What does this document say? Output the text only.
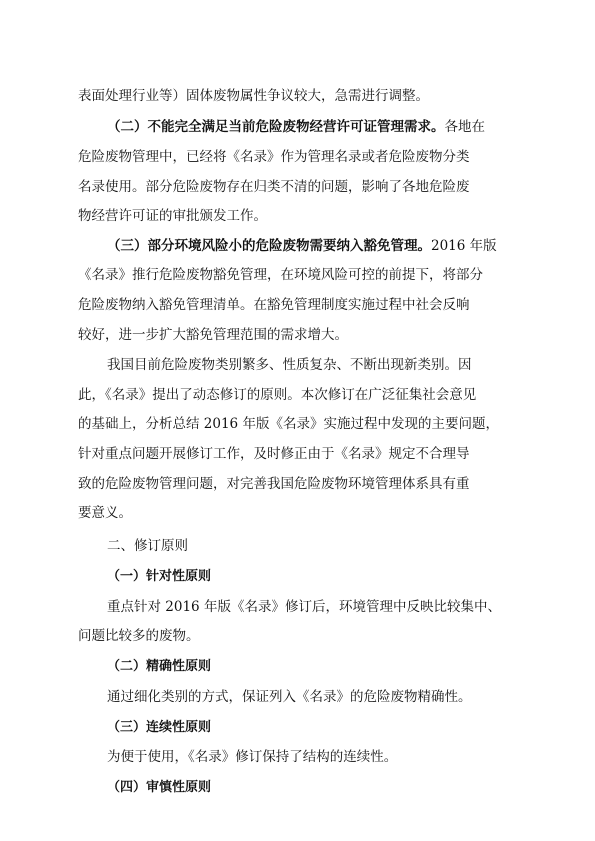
表面处理行业等）固体废物属性争议较大，急需进行调整。
（二）不能完全满足当前危险废物经营许可证管理需求。各地在
危险废物管理中，已经将《名录》作为管理名录或者危险废物分类
名录使用。部分危险废物存在归类不清的问题，影响了各地危险废
物经营许可证的审批颁发工作。
（三）部分环境风险小的危险废物需要纳入豁免管理。2016 年版
《名录》推行危险废物豁免管理，在环境风险可控的前提下，将部分
危险废物纳入豁免管理清单。在豁免管理制度实施过程中社会反响
较好，进一步扩大豁免管理范围的需求增大。
我国目前危险废物类别繁多、性质复杂、不断出现新类别。因
此，《名录》提出了动态修订的原则。本次修订在广泛征集社会意见
的基础上，分析总结 2016 年版《名录》实施过程中发现的主要问题，
针对重点问题开展修订工作，及时修正由于《名录》规定不合理导
致的危险废物管理问题，对完善我国危险废物环境管理体系具有重
要意义。
二、修订原则
（一）针对性原则
重点针对 2016 年版《名录》修订后，环境管理中反映比较集中、
问题比较多的废物。
（二）精确性原则
通过细化类别的方式，保证列入《名录》的危险废物精确性。
（三）连续性原则
为便于使用，《名录》修订保持了结构的连续性。
（四）审慎性原则
